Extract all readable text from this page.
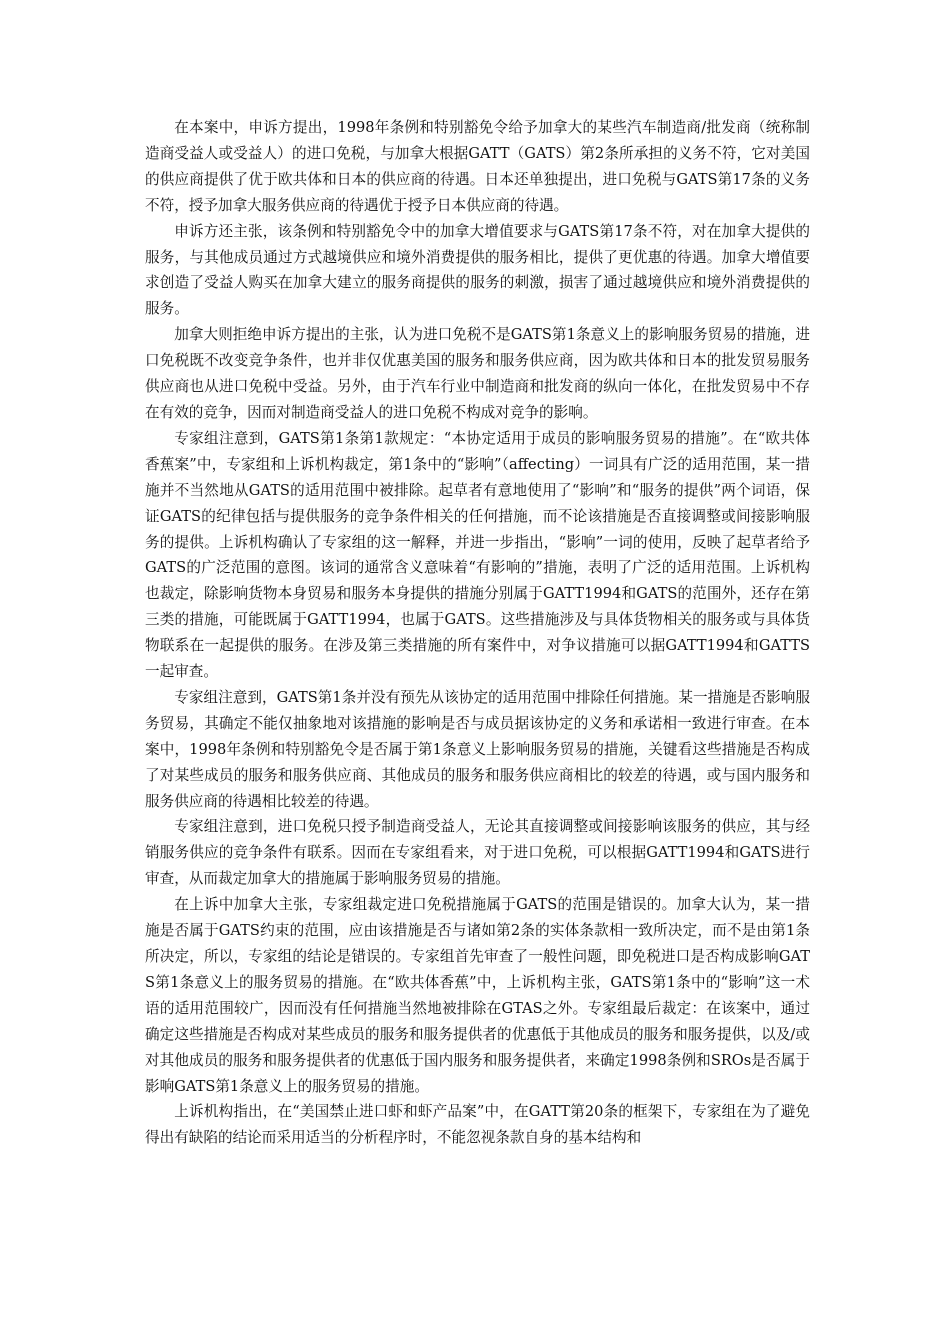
在本案中，申诉方提出，1998年条例和特别豁免令给予加拿大的某些汽车制造商/批发商（统称制造商受益人或受益人）的进口免税，与加拿大根据GATT（GATS）第2条所承担的义务不符，它对美国的供应商提供了优于欧共体和日本的供应商的待遇。日本还单独提出，进口免税与GATS第17条的义务不符，授予加拿大服务供应商的待遇优于授予日本供应商的待遇。

申诉方还主张，该条例和特别豁免令中的加拿大增值要求与GATS第17条不符，对在加拿大提供的服务，与其他成员通过方式越境供应和境外消费提供的服务相比，提供了更优惠的待遇。加拿大增值要求创造了受益人购买在加拿大建立的服务商提供的服务的刺激，损害了通过越境供应和境外消费提供的服务。

加拿大则拒绝申诉方提出的主张，认为进口免税不是GATS第1条意义上的影响服务贸易的措施，进口免税既不改变竞争条件，也并非仅优惠美国的服务和服务供应商，因为欧共体和日本的批发贸易服务供应商也从进口免税中受益。另外，由于汽车行业中制造商和批发商的纵向一体化，在批发贸易中不存在有效的竞争，因而对制造商受益人的进口免税不构成对竞争的影响。

专家组注意到，GATS第1条第1款规定：“本协定适用于成员的影响服务贸易的措施”。在“欧共体香蕉案”中，专家组和上诉机构裁定，第1条中的“影响”（affecting）一词具有广泛的适用范围，某一措施并不当然地从GATS的适用范围中被排除。起草者有意地使用了“影响”和“服务的提供”两个词语，保证GATS的纪律包括与提供服务的竞争条件相关的任何措施，而不论该措施是否直接调整或间接影响服务的提供。上诉机构确认了专家组的这一解释，并进一步指出，“影响”一词的使用，反映了起草者给予GATS的广泛范围的意图。该词的通常含义意味着“有影响的”措施，表明了广泛的适用范围。上诉机构也裁定，除影响货物本身贸易和服务本身提供的措施分别属于GATT1994和GATS的范围外，还存在第三类的措施，可能既属于GATT1994，也属于GATS。这些措施涉及与具体货物相关的服务或与具体货物联系在一起提供的服务。在涉及第三类措施的所有案件中，对争议措施可以据GATT1994和GATTS一起审查。

专家组注意到，GATS第1条并没有预先从该协定的适用范围中排除任何措施。某一措施是否影响服务贸易，其确定不能仅抽象地对该措施的影响是否与成员据该协定的义务和承诺相一致进行审查。在本案中，1998年条例和特别豁免令是否属于第1条意义上影响服务贸易的措施，关键看这些措施是否构成了对某些成员的服务和服务供应商、其他成员的服务和服务供应商相比的较差的待遇，或与国内服务和服务供应商的待遇相比较差的待遇。

专家组注意到，进口免税只授予制造商受益人，无论其直接调整或间接影响该服务的供应，其与经销服务供应的竞争条件有联系。因而在专家组看来，对于进口免税，可以根据GATT1994和GATS进行审查，从而裁定加拿大的措施属于影响服务贸易的措施。

在上诉中加拿大主张，专家组裁定进口免税措施属于GATS的范围是错误的。加拿大认为，某一措施是否属于GATS约束的范围，应由该措施是否与诸如第2条的实体条款相一致所决定，而不是由第1条所决定，所以，专家组的结论是错误的。专家组首先审查了一般性问题，即免税进口是否构成影响GATS第1条意义上的服务贸易的措施。在“欧共体香蕉”中，上诉机构主张，GATS第1条中的“影响”这一术语的适用范围较广，因而没有任何措施当然地被排除在GTAS之外。专家组最后裁定：在该案中，通过确定这些措施是否构成对某些成员的服务和服务提供者的优惠低于其他成员的服务和服务提供，以及/或对其他成员的服务和服务提供者的优惠低于国内服务和服务提供者，来确定1998条例和SROs是否属于影响GATS第1条意义上的服务贸易的措施。

上诉机构指出，在“美国禁止进口虾和虾产品案”中，在GATT第20条的框架下，专家组在为了避免得出有缺陷的结论而采用适当的分析程序时，不能忽视条款自身的基本结构和
